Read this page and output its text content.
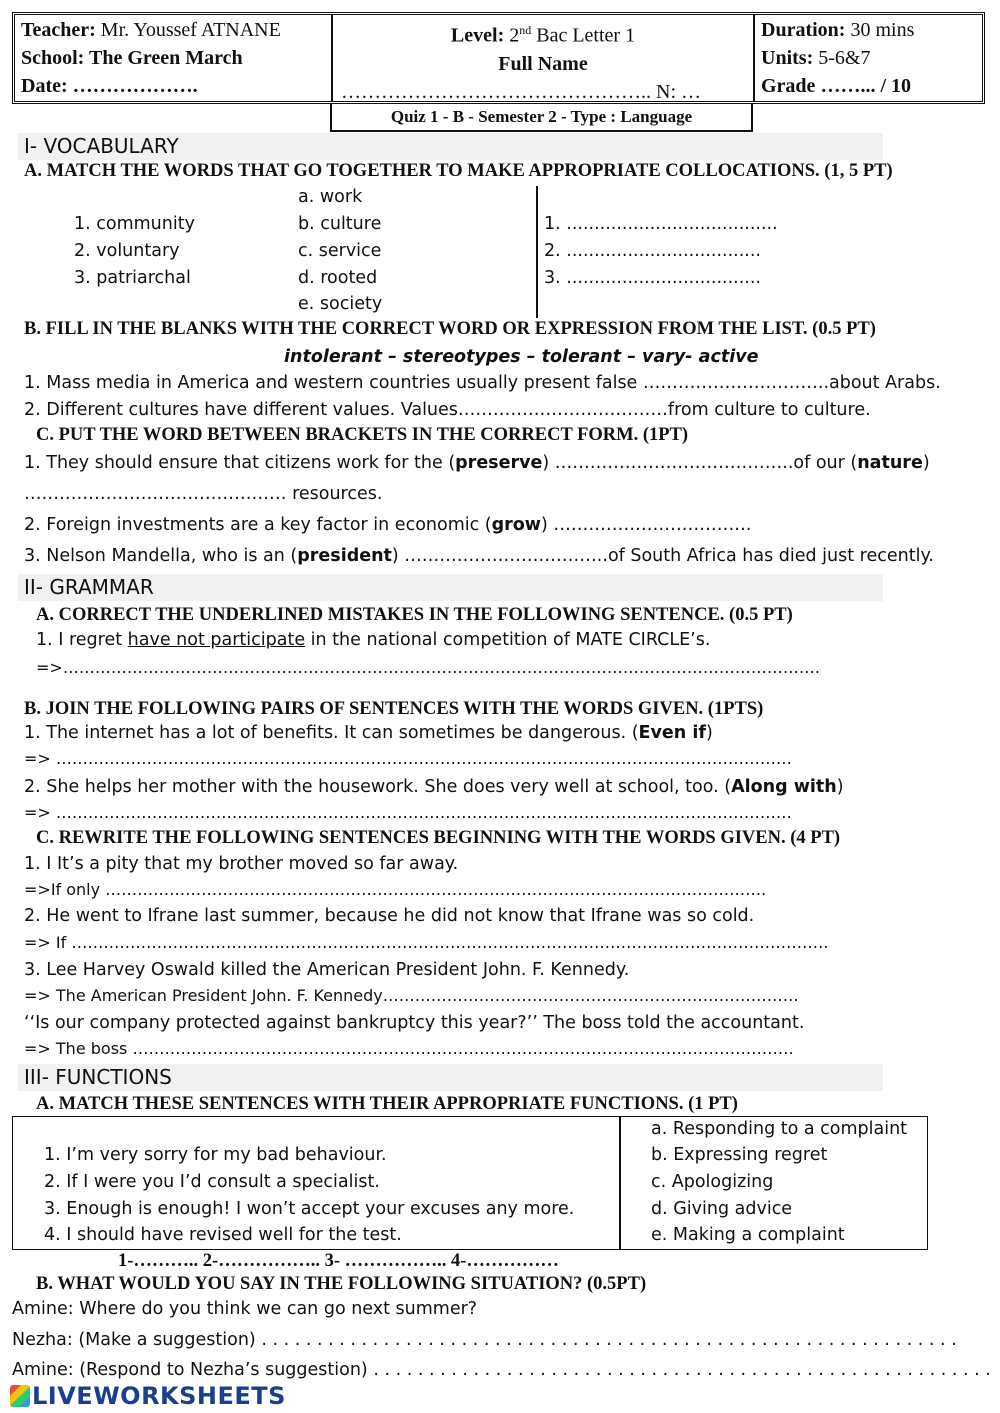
Teacher: Mr. Youssef ATNANE
School: The Green March
Date: ……………….
Level: 2nd Bac Letter 1
Full Name
……………………………………….. N: …
Duration: 30 mins
Units: 5-6&7
Grade ……... / 10
Quiz 1 - B - Semester 2 - Type : Language
I- VOCABULARY
A. MATCH THE WORDS THAT GO TOGETHER TO MAKE APPROPRIATE COLLOCATIONS. (1, 5 PT)
a. work
1. community	b. culture
2. voluntary	c. service
3. patriarchal	d. rooted
e. society
1. ......................................
2. ...................................
3. ...................................
B. FILL IN THE BLANKS WITH THE CORRECT WORD OR EXPRESSION FROM THE LIST. (0.5 PT)
intolerant – stereotypes – tolerant – vary- active
1. Mass media in America and western countries usually present false …………………………..about Arabs.
2. Different cultures have different values. Values………………………………from culture to culture.
C. PUT THE WORD BETWEEN BRACKETS IN THE CORRECT FORM. (1PT)
1. They should ensure that citizens work for the (preserve) …………………………………..of our (nature)
……………………………………… resources.
2. Foreign investments are a key factor in economic (grow) …………………………….
3. Nelson Mandella, who is an (president) ……………………………..of South Africa has died just recently.
II- GRAMMAR
A. CORRECT THE UNDERLINED MISTAKES IN THE FOLLOWING SENTENCE. (0.5 PT)
1. I regret have not participate in the national competition of MATE CIRCLE’s.
=>…………………………………………………………………………………………………………………………….
B. JOIN THE FOLLOWING PAIRS OF SENTENCES WITH THE WORDS GIVEN. (1PTS)
1. The internet has a lot of benefits. It can sometimes be dangerous. (Even if)
=> …………………………………………………………………………………………………………………………
2. She helps her mother with the housework. She does very well at school, too. (Along with)
=> …………………………………………………………………………………………………………………………
C. REWRITE THE FOLLOWING SENTENCES BEGINNING WITH THE WORDS GIVEN. (4 PT)
1. I It’s a pity that my brother moved so far away.
=>If only …………………………………………………………………………………………………………….
2. He went to Ifrane last summer, because he did not know that Ifrane was so cold.
=> If …………………………………………………………………………………………………………………………….
3. Lee Harvey Oswald killed the American President John. F. Kennedy.
=> The American President John. F. Kennedy……………………………………………………………………
‘‘Is our company protected against bankruptcy this year?’’ The boss told the accountant.
=> The boss …………………………………………………………………………………………………………….
III- FUNCTIONS
A. MATCH THESE SENTENCES WITH THEIR APPROPRIATE FUNCTIONS. (1 PT)
1. I’m very sorry for my bad behaviour.
2. If I were you I’d consult a specialist.
3. Enough is enough! I won’t accept your excuses any more.
4. I should have revised well for the test.
a. Responding to a complaint
b. Expressing regret
c. Apologizing
d. Giving advice
e. Making a complaint
1-……….. 2-…………….. 3- …………….. 4-……………
B. WHAT WOULD YOU SAY IN THE FOLLOWING SITUATION? (0.5PT)
Amine: Where do you think we can go next summer?
Nezha: (Make a suggestion) . . . . . . . . . . . . . . . . . . . . . . . . . . . . . . . . . . . . . . . . . . . . . . . . . . . . . . . . . . . . . . .
Amine: (Respond to Nezha’s suggestion) . . . . . . . . . . . . . . . . . . . . . . . . . . . . . . . . . . . . . . . . . . . . . . . . . . . . . . . .
LIVEWORKSHEETS
